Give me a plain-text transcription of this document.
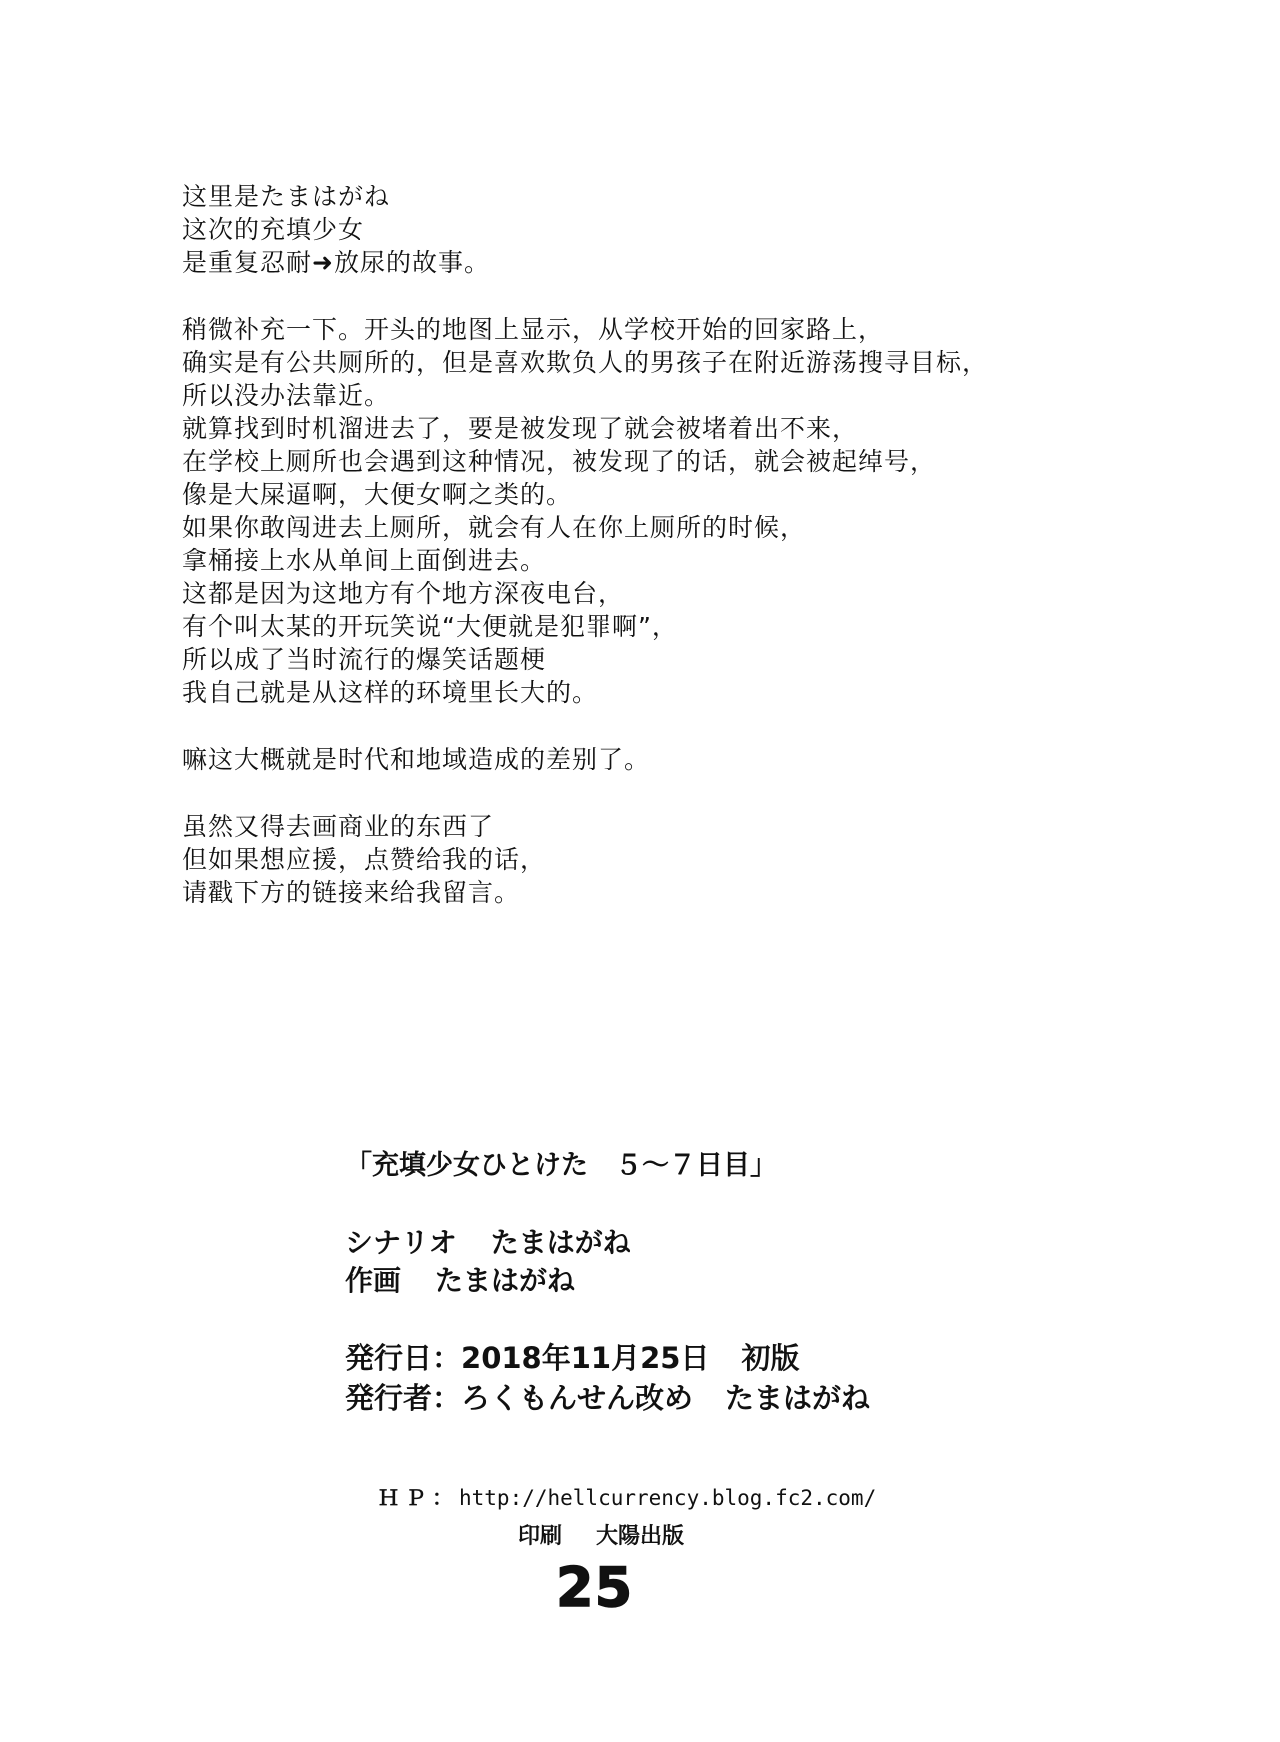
这里是たまはがね
这次的充填少女
是重复忍耐➜放尿的故事。
稍微补充一下。开头的地图上显示，从学校开始的回家路上，
确实是有公共厕所的，但是喜欢欺负人的男孩子在附近游荡搜寻目标，
所以没办法靠近。
就算找到时机溜进去了，要是被发现了就会被堵着出不来，
在学校上厕所也会遇到这种情况，被发现了的话，就会被起绰号，
像是大屎逼啊，大便女啊之类的。
如果你敢闯进去上厕所，就会有人在你上厕所的时候，
拿桶接上水从单间上面倒进去。
这都是因为这地方有个地方深夜电台，
有个叫太某的开玩笑说“大便就是犯罪啊”，
所以成了当时流行的爆笑话题梗
我自己就是从这样的环境里长大的。
嘛这大概就是时代和地域造成的差别了。
虽然又得去画商业的东西了
但如果想应援，点赞给我的话，
请戳下方的链接来给我留言。
「充填少女ひとけた　５～７日目」
シナリオ たまはがね
作画 たまはがね
発行日：2018年11月25日 初版
発行者：ろくもんせん改め たまはがね
ＨＰ：http://hellcurrency.blog.fc2.com/
印刷 大陽出版
25
